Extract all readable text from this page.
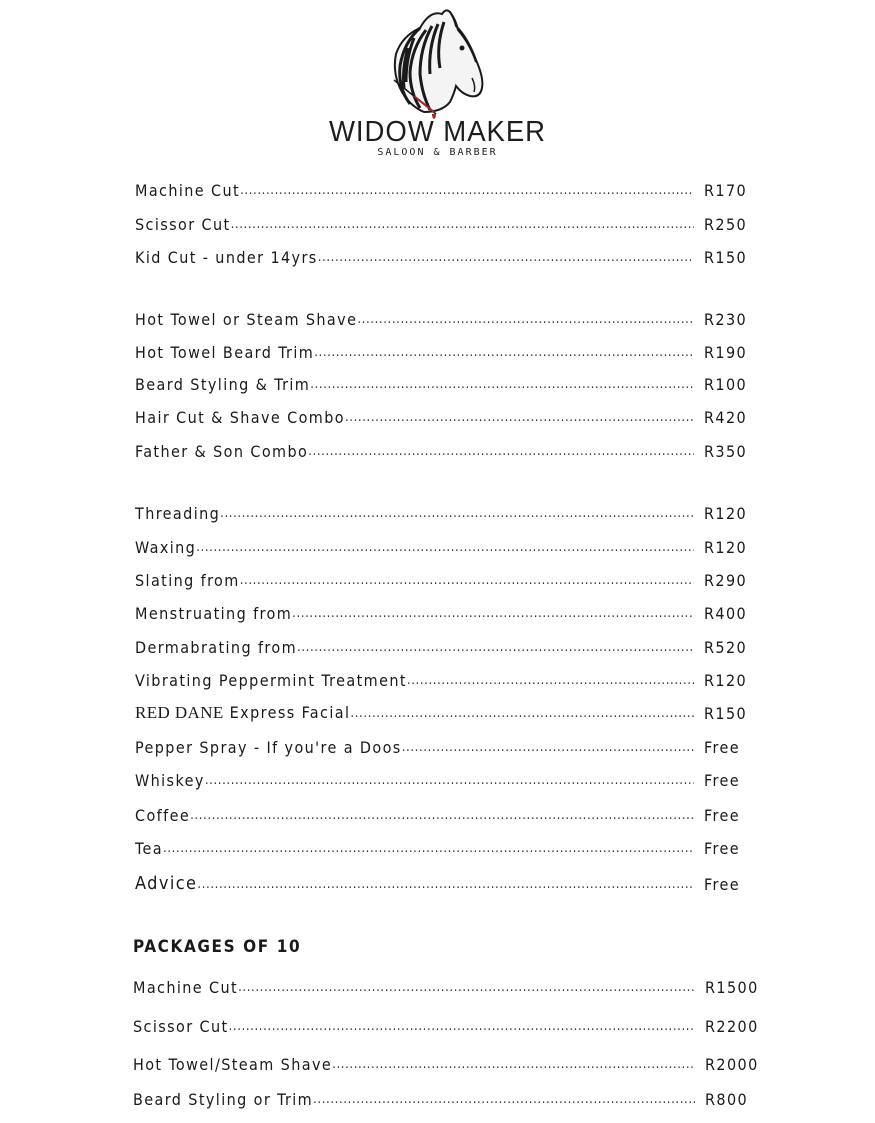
WIDOW MAKER
SALOON & BARBER
Machine Cut .....	R170
Scissor Cut .....	R250
Kid Cut - under 14yrs .....	R150
Hot Towel or Steam Shave .....	R230
Hot Towel Beard Trim .....	R190
Beard Styling & Trim .....	R100
Hair Cut & Shave Combo .....	R420
Father & Son Combo .....	R350
Threading .....	R120
Waxing .....	R120
Slating from .....	R290
Menstruating from .....	R400
Dermabrating from .....	R520
Vibrating Peppermint Treatment .....	R120
RED DANE Express Facial .....	R150
Pepper Spray - If you're a Doos .....	Free
Whiskey .....	Free
Coffee .....	Free
Tea .....	Free
Advice .....	Free
PACKAGES OF 10
Machine Cut .....	R1500
Scissor Cut .....	R2200
Hot Towel/Steam Shave .....	R2000
Beard Styling or Trim .....	R800
